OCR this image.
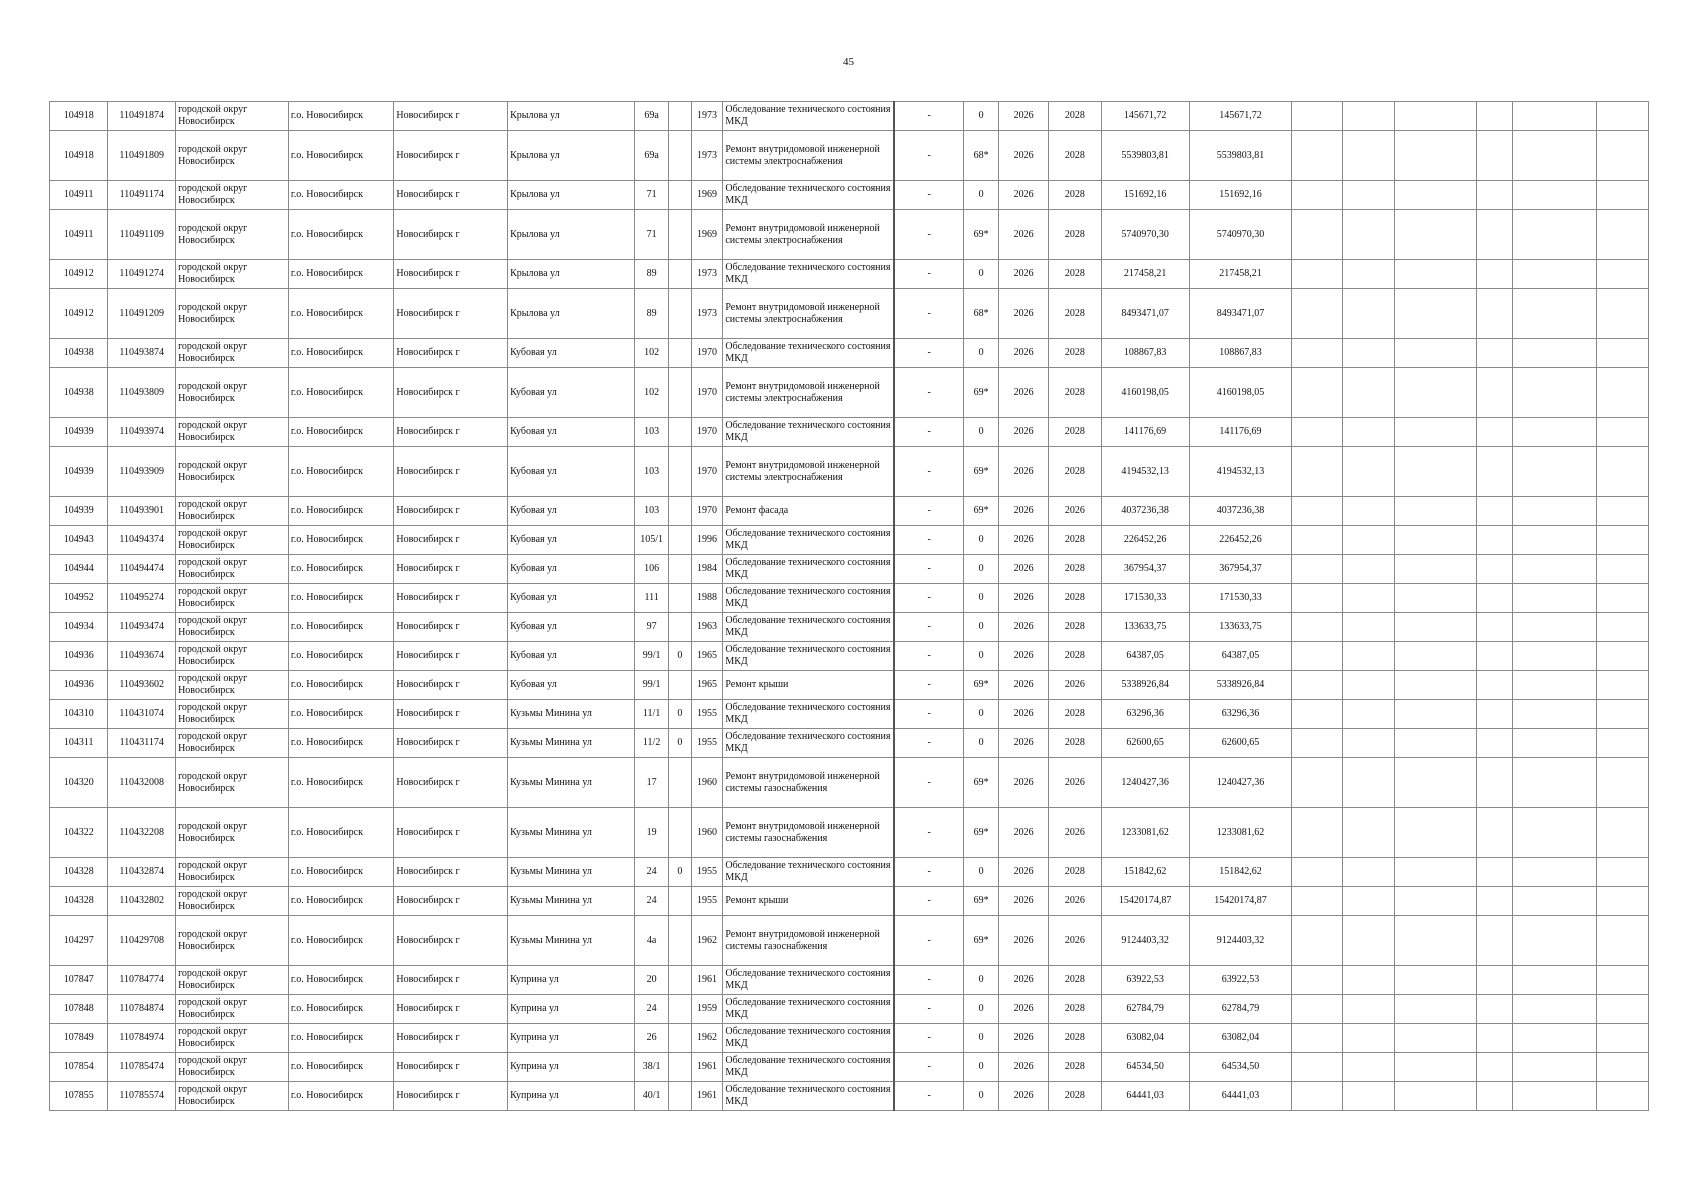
45
104918	110491874	городской округ Новосибирск	г.о. Новосибирск	Новосибирск г	Крылова ул	69а		1973	Обследование технического состояния МКД	-	0	2026	2028	145671,72	145671,72						
104918	110491809	городской округ Новосибирск	г.о. Новосибирск	Новосибирск г	Крылова ул	69а		1973	Ремонт внутридомовой инженерной системы электроснабжения	-	68*	2026	2028	5539803,81	5539803,81						
104911	110491174	городской округ Новосибирск	г.о. Новосибирск	Новосибирск г	Крылова ул	71		1969	Обследование технического состояния МКД	-	0	2026	2028	151692,16	151692,16						
104911	110491109	городской округ Новосибирск	г.о. Новосибирск	Новосибирск г	Крылова ул	71		1969	Ремонт внутридомовой инженерной системы электроснабжения	-	69*	2026	2028	5740970,30	5740970,30						
104912	110491274	городской округ Новосибирск	г.о. Новосибирск	Новосибирск г	Крылова ул	89		1973	Обследование технического состояния МКД	-	0	2026	2028	217458,21	217458,21						
104912	110491209	городской округ Новосибирск	г.о. Новосибирск	Новосибирск г	Крылова ул	89		1973	Ремонт внутридомовой инженерной системы электроснабжения	-	68*	2026	2028	8493471,07	8493471,07						
104938	110493874	городской округ Новосибирск	г.о. Новосибирск	Новосибирск г	Кубовая ул	102		1970	Обследование технического состояния МКД	-	0	2026	2028	108867,83	108867,83						
104938	110493809	городской округ Новосибирск	г.о. Новосибирск	Новосибирск г	Кубовая ул	102		1970	Ремонт внутридомовой инженерной системы электроснабжения	-	69*	2026	2028	4160198,05	4160198,05						
104939	110493974	городской округ Новосибирск	г.о. Новосибирск	Новосибирск г	Кубовая ул	103		1970	Обследование технического состояния МКД	-	0	2026	2028	141176,69	141176,69						
104939	110493909	городской округ Новосибирск	г.о. Новосибирск	Новосибирск г	Кубовая ул	103		1970	Ремонт внутридомовой инженерной системы электроснабжения	-	69*	2026	2028	4194532,13	4194532,13						
104939	110493901	городской округ Новосибирск	г.о. Новосибирск	Новосибирск г	Кубовая ул	103		1970	Ремонт фасада	-	69*	2026	2026	4037236,38	4037236,38						
104943	110494374	городской округ Новосибирск	г.о. Новосибирск	Новосибирск г	Кубовая ул	105/1		1996	Обследование технического состояния МКД	-	0	2026	2028	226452,26	226452,26						
104944	110494474	городской округ Новосибирск	г.о. Новосибирск	Новосибирск г	Кубовая ул	106		1984	Обследование технического состояния МКД	-	0	2026	2028	367954,37	367954,37						
104952	110495274	городской округ Новосибирск	г.о. Новосибирск	Новосибирск г	Кубовая ул	111		1988	Обследование технического состояния МКД	-	0	2026	2028	171530,33	171530,33						
104934	110493474	городской округ Новосибирск	г.о. Новосибирск	Новосибирск г	Кубовая ул	97		1963	Обследование технического состояния МКД	-	0	2026	2028	133633,75	133633,75						
104936	110493674	городской округ Новосибирск	г.о. Новосибирск	Новосибирск г	Кубовая ул	99/1	0	1965	Обследование технического состояния МКД	-	0	2026	2028	64387,05	64387,05						
104936	110493602	городской округ Новосибирск	г.о. Новосибирск	Новосибирск г	Кубовая ул	99/1		1965	Ремонт крыши	-	69*	2026	2026	5338926,84	5338926,84						
104310	110431074	городской округ Новосибирск	г.о. Новосибирск	Новосибирск г	Кузьмы Минина ул	11/1	0	1955	Обследование технического состояния МКД	-	0	2026	2028	63296,36	63296,36						
104311	110431174	городской округ Новосибирск	г.о. Новосибирск	Новосибирск г	Кузьмы Минина ул	11/2	0	1955	Обследование технического состояния МКД	-	0	2026	2028	62600,65	62600,65						
104320	110432008	городской округ Новосибирск	г.о. Новосибирск	Новосибирск г	Кузьмы Минина ул	17		1960	Ремонт внутридомовой инженерной системы газоснабжения	-	69*	2026	2026	1240427,36	1240427,36						
104322	110432208	городской округ Новосибирск	г.о. Новосибирск	Новосибирск г	Кузьмы Минина ул	19		1960	Ремонт внутридомовой инженерной системы газоснабжения	-	69*	2026	2026	1233081,62	1233081,62						
104328	110432874	городской округ Новосибирск	г.о. Новосибирск	Новосибирск г	Кузьмы Минина ул	24	0	1955	Обследование технического состояния МКД	-	0	2026	2028	151842,62	151842,62						
104328	110432802	городской округ Новосибирск	г.о. Новосибирск	Новосибирск г	Кузьмы Минина ул	24		1955	Ремонт крыши	-	69*	2026	2026	15420174,87	15420174,87						
104297	110429708	городской округ Новосибирск	г.о. Новосибирск	Новосибирск г	Кузьмы Минина ул	4а		1962	Ремонт внутридомовой инженерной системы газоснабжения	-	69*	2026	2026	9124403,32	9124403,32						
107847	110784774	городской округ Новосибирск	г.о. Новосибирск	Новосибирск г	Куприна ул	20		1961	Обследование технического состояния МКД	-	0	2026	2028	63922,53	63922,53						
107848	110784874	городской округ Новосибирск	г.о. Новосибирск	Новосибирск г	Куприна ул	24		1959	Обследование технического состояния МКД	-	0	2026	2028	62784,79	62784,79						
107849	110784974	городской округ Новосибирск	г.о. Новосибирск	Новосибирск г	Куприна ул	26		1962	Обследование технического состояния МКД	-	0	2026	2028	63082,04	63082,04						
107854	110785474	городской округ Новосибирск	г.о. Новосибирск	Новосибирск г	Куприна ул	38/1		1961	Обследование технического состояния МКД	-	0	2026	2028	64534,50	64534,50						
107855	110785574	городской округ Новосибирск	г.о. Новосибирск	Новосибирск г	Куприна ул	40/1		1961	Обследование технического состояния МКД	-	0	2026	2028	64441,03	64441,03						
